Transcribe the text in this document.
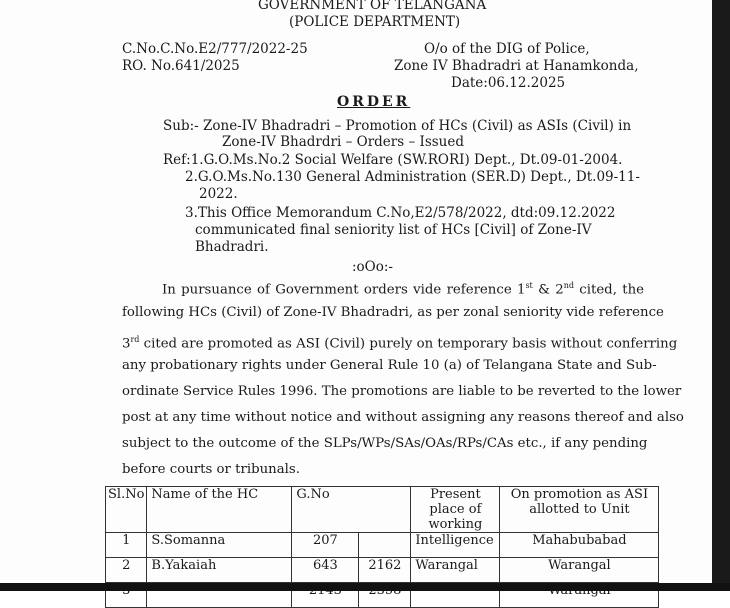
GOVERNMENT OF TELANGANA
(POLICE DEPARTMENT)
C.No.C.No.E2/777/2022-25
RO. No.641/2025
O/o of the DIG of Police,
Zone IV Bhadradri at Hanamkonda,
Date:06.12.2025
ORDER
Sub:- Zone-IV Bhadradri – Promotion of HCs (Civil) as ASIs (Civil) in
Zone-IV Bhadrdri – Orders – Issued
Ref:1.G.O.Ms.No.2 Social Welfare (SW.RORI) Dept., Dt.09-01-2004.
2.G.O.Ms.No.130 General Administration (SER.D) Dept., Dt.09-11-
2022.
3.This Office Memorandum C.No,E2/578/2022, dtd:09.12.2022
communicated final seniority list of HCs [Civil] of Zone-IV
Bhadradri.
:oOo:-
In pursuance of Government orders vide reference 1st & 2nd cited, the
following HCs (Civil) of Zone-IV Bhadradri, as per zonal seniority vide reference
3rd cited are promoted as ASI (Civil) purely on temporary basis without conferring
any probationary rights under General Rule 10 (a) of Telangana State and Sub-
ordinate Service Rules 1996. The promotions are liable to be reverted to the lower
post at any time without notice and without assigning any reasons thereof and also
subject to the outcome of the SLPs/WPs/SAs/OAs/RPs/CAs etc., if any pending
before courts or tribunals.
Sl.No	Name of the HC	G.No		Present place of working	On promotion as ASI allotted to Unit
1	S.Somanna	207		Intelligence	Mahabubabad
2	B.Yakaiah	643	2162	Warangal	Warangal
